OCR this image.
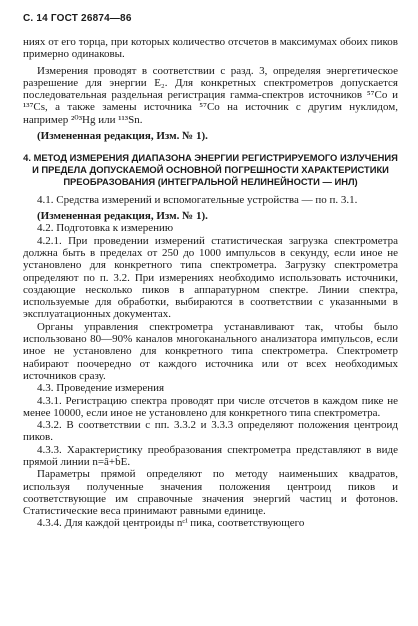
С. 14 ГОСТ 26874—86

ниях от его торца, при которых количество отсчетов в максимумах обоих пиков примерно одинаковы.

Измерения проводят в соответствии с разд. 3, определяя энергетическое разрешение для энергии E₂. Для конкретных спектрометров допускается последовательная раздельная регистрация гамма-спектров источников ⁵⁷Co и ¹³⁷Cs, а также замены источника ⁵⁷Co на источник с другим нуклидом, например ²⁰³Hg или ¹¹³Sn.

(Измененная редакция, Изм. № 1).

4. МЕТОД ИЗМЕРЕНИЯ ДИАПАЗОНА ЭНЕРГИИ РЕГИСТРИРУЕМОГО ИЗЛУЧЕНИЯ И ПРЕДЕЛА ДОПУСКАЕМОЙ ОСНОВНОЙ ПОГРЕШНОСТИ ХАРАКТЕРИСТИКИ ПРЕОБРАЗОВАНИЯ (ИНТЕГРАЛЬНОЙ НЕЛИНЕЙНОСТИ — ИНЛ)

4.1. Средства измерений и вспомогательные устройства — по п. 3.1.

(Измененная редакция, Изм. № 1).

4.2. Подготовка к измерению

4.2.1. При проведении измерений статистическая загрузка спектрометра должна быть в пределах от 250 до 1000 импульсов в секунду, если иное не установлено для конкретного типа спектрометра. Загрузку спектрометра определяют по п. 3.2. При измерениях необходимо использовать источники, создающие несколько пиков в аппаратурном спектре. Линии спектра, используемые для обработки, выбираются в соответствии с указанными в эксплуатационных документах.

Органы управления спектрометра устанавливают так, чтобы было использовано 80—90% каналов многоканального анализатора импульсов, если иное не установлено для конкретного типа спектрометра. Спектрометр набирают поочередно от каждого источника или от всех необходимых источников сразу.

4.3. Проведение измерения

4.3.1. Регистрацию спектра проводят при числе отсчетов в каждом пике не менее 10000, если иное не установлено для конкретного типа спектрометра.

4.3.2. В соответствии с пп. 3.3.2 и 3.3.3 определяют положения центроид пиков.

4.3.3. Характеристику преобразования спектрометра представляют в виде прямой линии n=â+b̂E.

Параметры прямой определяют по методу наименьших квадратов, используя полученные значения положения центроид пиков и соответствующие им справочные значения энергий частиц и фотонов. Статистические веса принимают равными единице.

4.3.4. Для каждой центроиды nᶜⁱ пика, соответствующего
